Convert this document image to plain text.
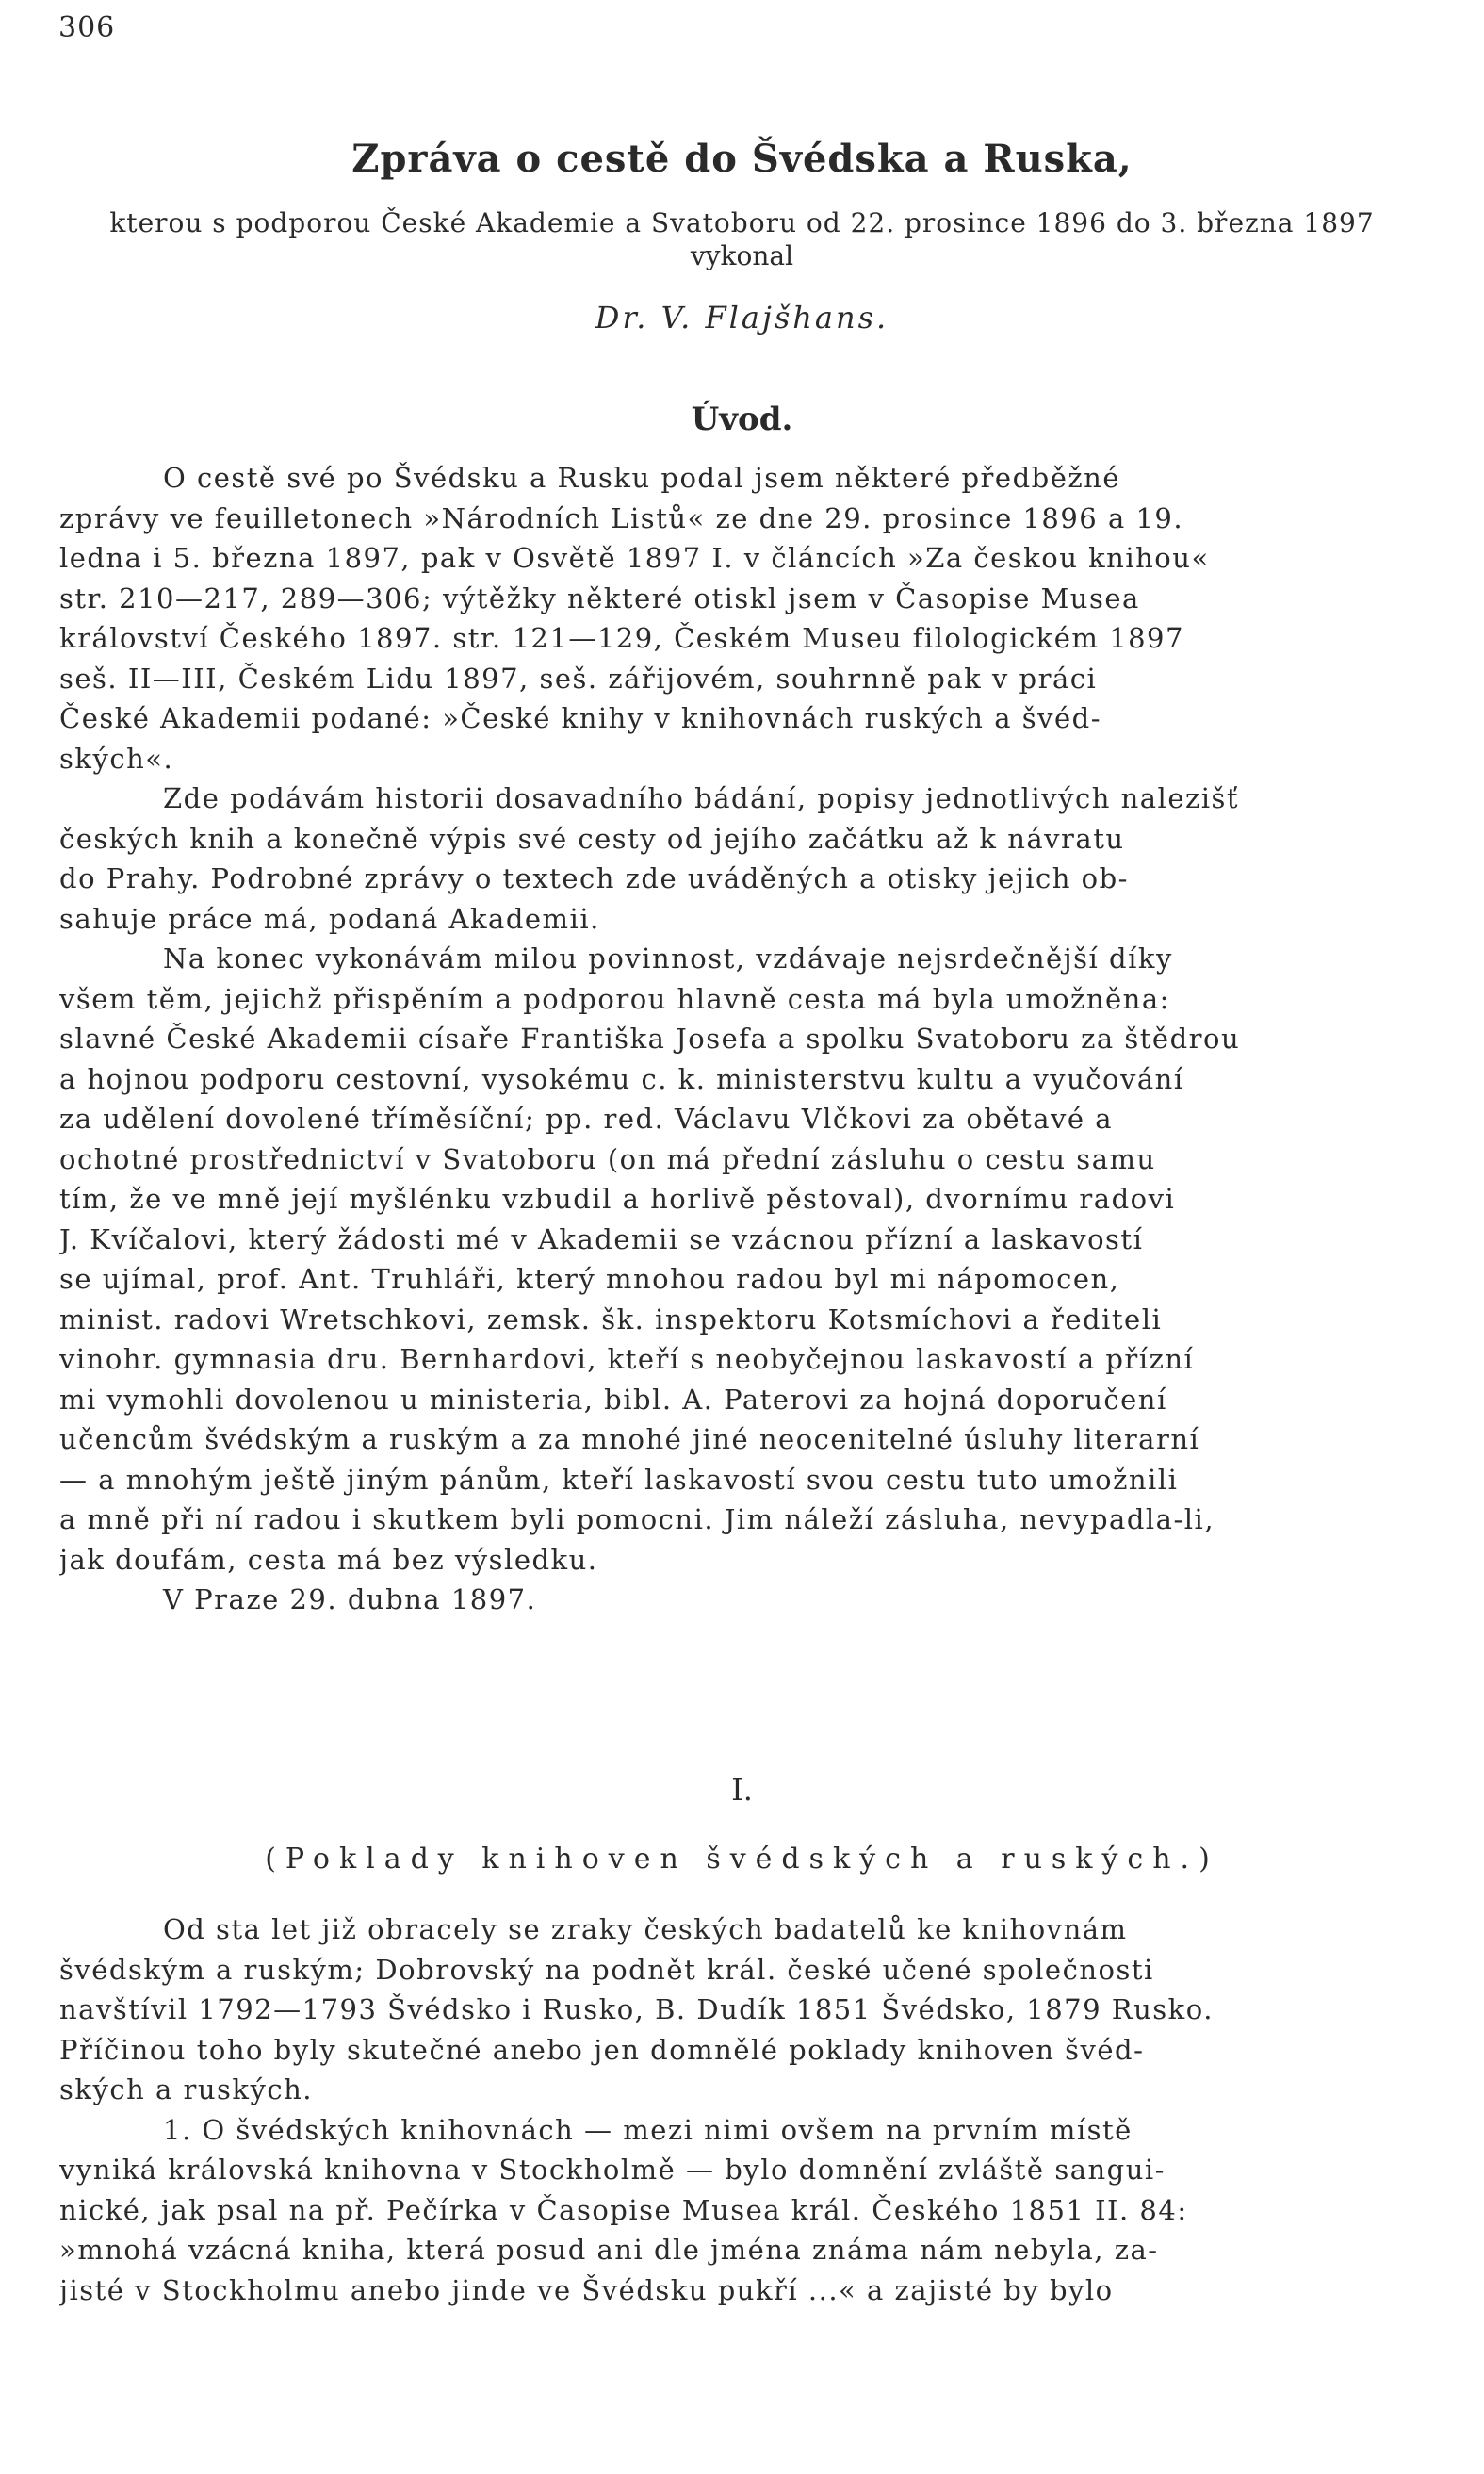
306
Zpráva o cestě do Švédska a Ruska,
kterou s podporou České Akademie a Svatoboru od 22. prosince 1896 do 3. března 1897
vykonal
Dr. V. Flajšhans.
Úvod.
O cestě své po Švédsku a Rusku podal jsem některé předběžné
zprávy ve feuilletonech »Národních Listů« ze dne 29. prosince 1896 a 19.
ledna i 5. března 1897, pak v Osvětě 1897 I. v článcích »Za českou knihou«
str. 210—217, 289—306; výtěžky některé otiskl jsem v Časopise Musea
království Českého 1897. str. 121—129, Českém Museu filologickém 1897
seš. II—III, Českém Lidu 1897, seš. zářijovém, souhrnně pak v práci
České Akademii podané: »České knihy v knihovnách ruských a švéd-
ských«.
Zde podávám historii dosavadního bádání, popisy jednotlivých nalezišť
českých knih a konečně výpis své cesty od jejího začátku až k návratu
do Prahy. Podrobné zprávy o textech zde uváděných a otisky jejich ob-
sahuje práce má, podaná Akademii.
Na konec vykonávám milou povinnost, vzdávaje nejsrdečnější díky
všem těm, jejichž přispěním a podporou hlavně cesta má byla umožněna:
slavné České Akademii císaře Františka Josefa a spolku Svatoboru za štědrou
a hojnou podporu cestovní, vysokému c. k. ministerstvu kultu a vyučování
za udělení dovolené tříměsíční; pp. red. Václavu Vlčkovi za obětavé a
ochotné prostřednictví v Svatoboru (on má přední zásluhu o cestu samu
tím, že ve mně její myšlénku vzbudil a horlivě pěstoval), dvornímu radovi
J. Kvíčalovi, který žádosti mé v Akademii se vzácnou přízní a laskavostí
se ujímal, prof. Ant. Truhláři, který mnohou radou byl mi nápomocen,
minist. radovi Wretschkovi, zemsk. šk. inspektoru Kotsmíchovi a řediteli
vinohr. gymnasia dru. Bernhardovi, kteří s neobyčejnou laskavostí a přízní
mi vymohli dovolenou u ministeria, bibl. A. Paterovi za hojná doporučení
učencům švédským a ruským a za mnohé jiné neocenitelné úsluhy literarní
— a mnohým ještě jiným pánům, kteří laskavostí svou cestu tuto umožnili
a mně při ní radou i skutkem byli pomocni. Jim náleží zásluha, nevypadla-li,
jak doufám, cesta má bez výsledku.
V Praze 29. dubna 1897.
I.
(Poklady knihoven švédských a ruských.)
Od sta let již obracely se zraky českých badatelů ke knihovnám
švédským a ruským; Dobrovský na podnět král. české učené společnosti
navštívil 1792—1793 Švédsko i Rusko, B. Dudík 1851 Švédsko, 1879 Rusko.
Příčinou toho byly skutečné anebo jen domnělé poklady knihoven švéd-
ských a ruských.
1. O švédských knihovnách — mezi nimi ovšem na prvním místě
vyniká královská knihovna v Stockholmě — bylo domnění zvláště sangui-
nické, jak psal na př. Pečírka v Časopise Musea král. Českého 1851 II. 84:
»mnohá vzácná kniha, která posud ani dle jména známa nám nebyla, za-
jisté v Stockholmu anebo jinde ve Švédsku pukří ...« a zajisté by bylo
